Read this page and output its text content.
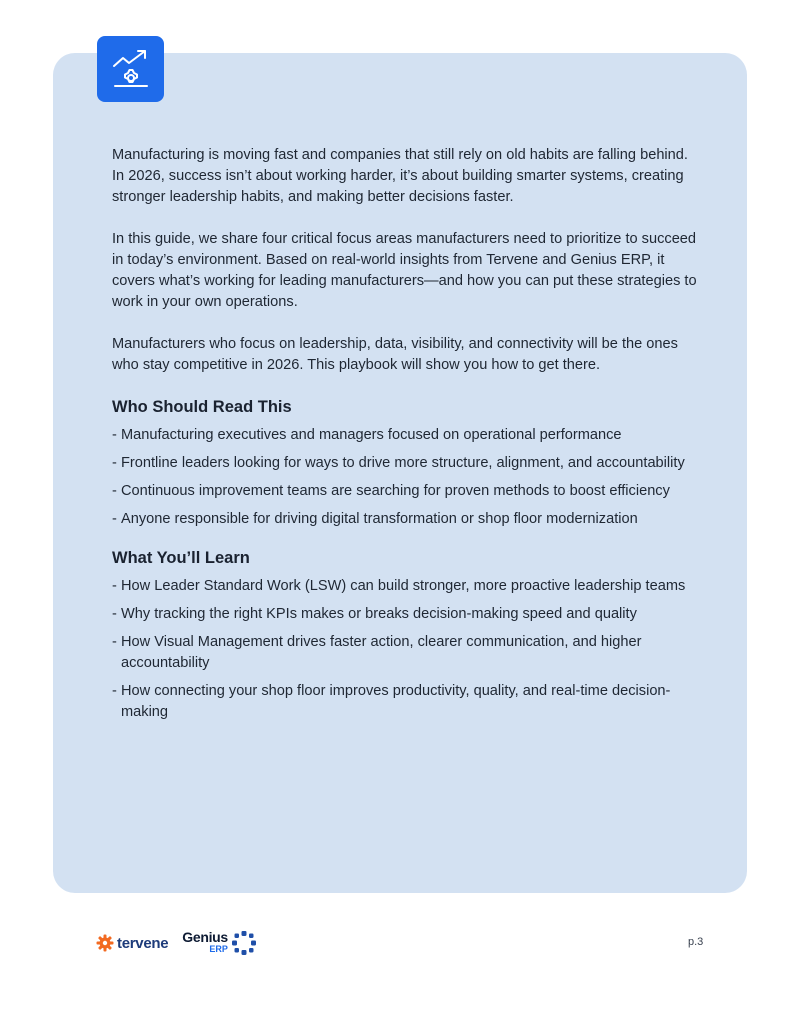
Manufacturing is moving fast and companies that still rely on old habits are falling behind. In 2026, success isn’t about working harder, it’s about building smarter systems, creating stronger leadership habits, and making better decisions faster.

In this guide, we share four critical focus areas manufacturers need to prioritize to succeed in today’s environment. Based on real-world insights from Tervene and Genius ERP, it covers what’s working for leading manufacturers—and how you can put these strategies to work in your own operations.

Manufacturers who focus on leadership, data, visibility, and connectivity will be the ones who stay competitive in 2026. This playbook will show you how to get there.

Who Should Read This
- Manufacturing executives and managers focused on operational performance
- Frontline leaders looking for ways to drive more structure, alignment, and accountability
- Continuous improvement teams are searching for proven methods to boost efficiency
- Anyone responsible for driving digital transformation or shop floor modernization
What You’ll Learn
- How Leader Standard Work (LSW) can build stronger, more proactive leadership teams
- Why tracking the right KPIs makes or breaks decision-making speed and quality
- How Visual Management drives faster action, clearer communication, and higher accountability
- How connecting your shop floor improves productivity, quality, and real-time decision-making
tervene Genius
ERP
p.3
